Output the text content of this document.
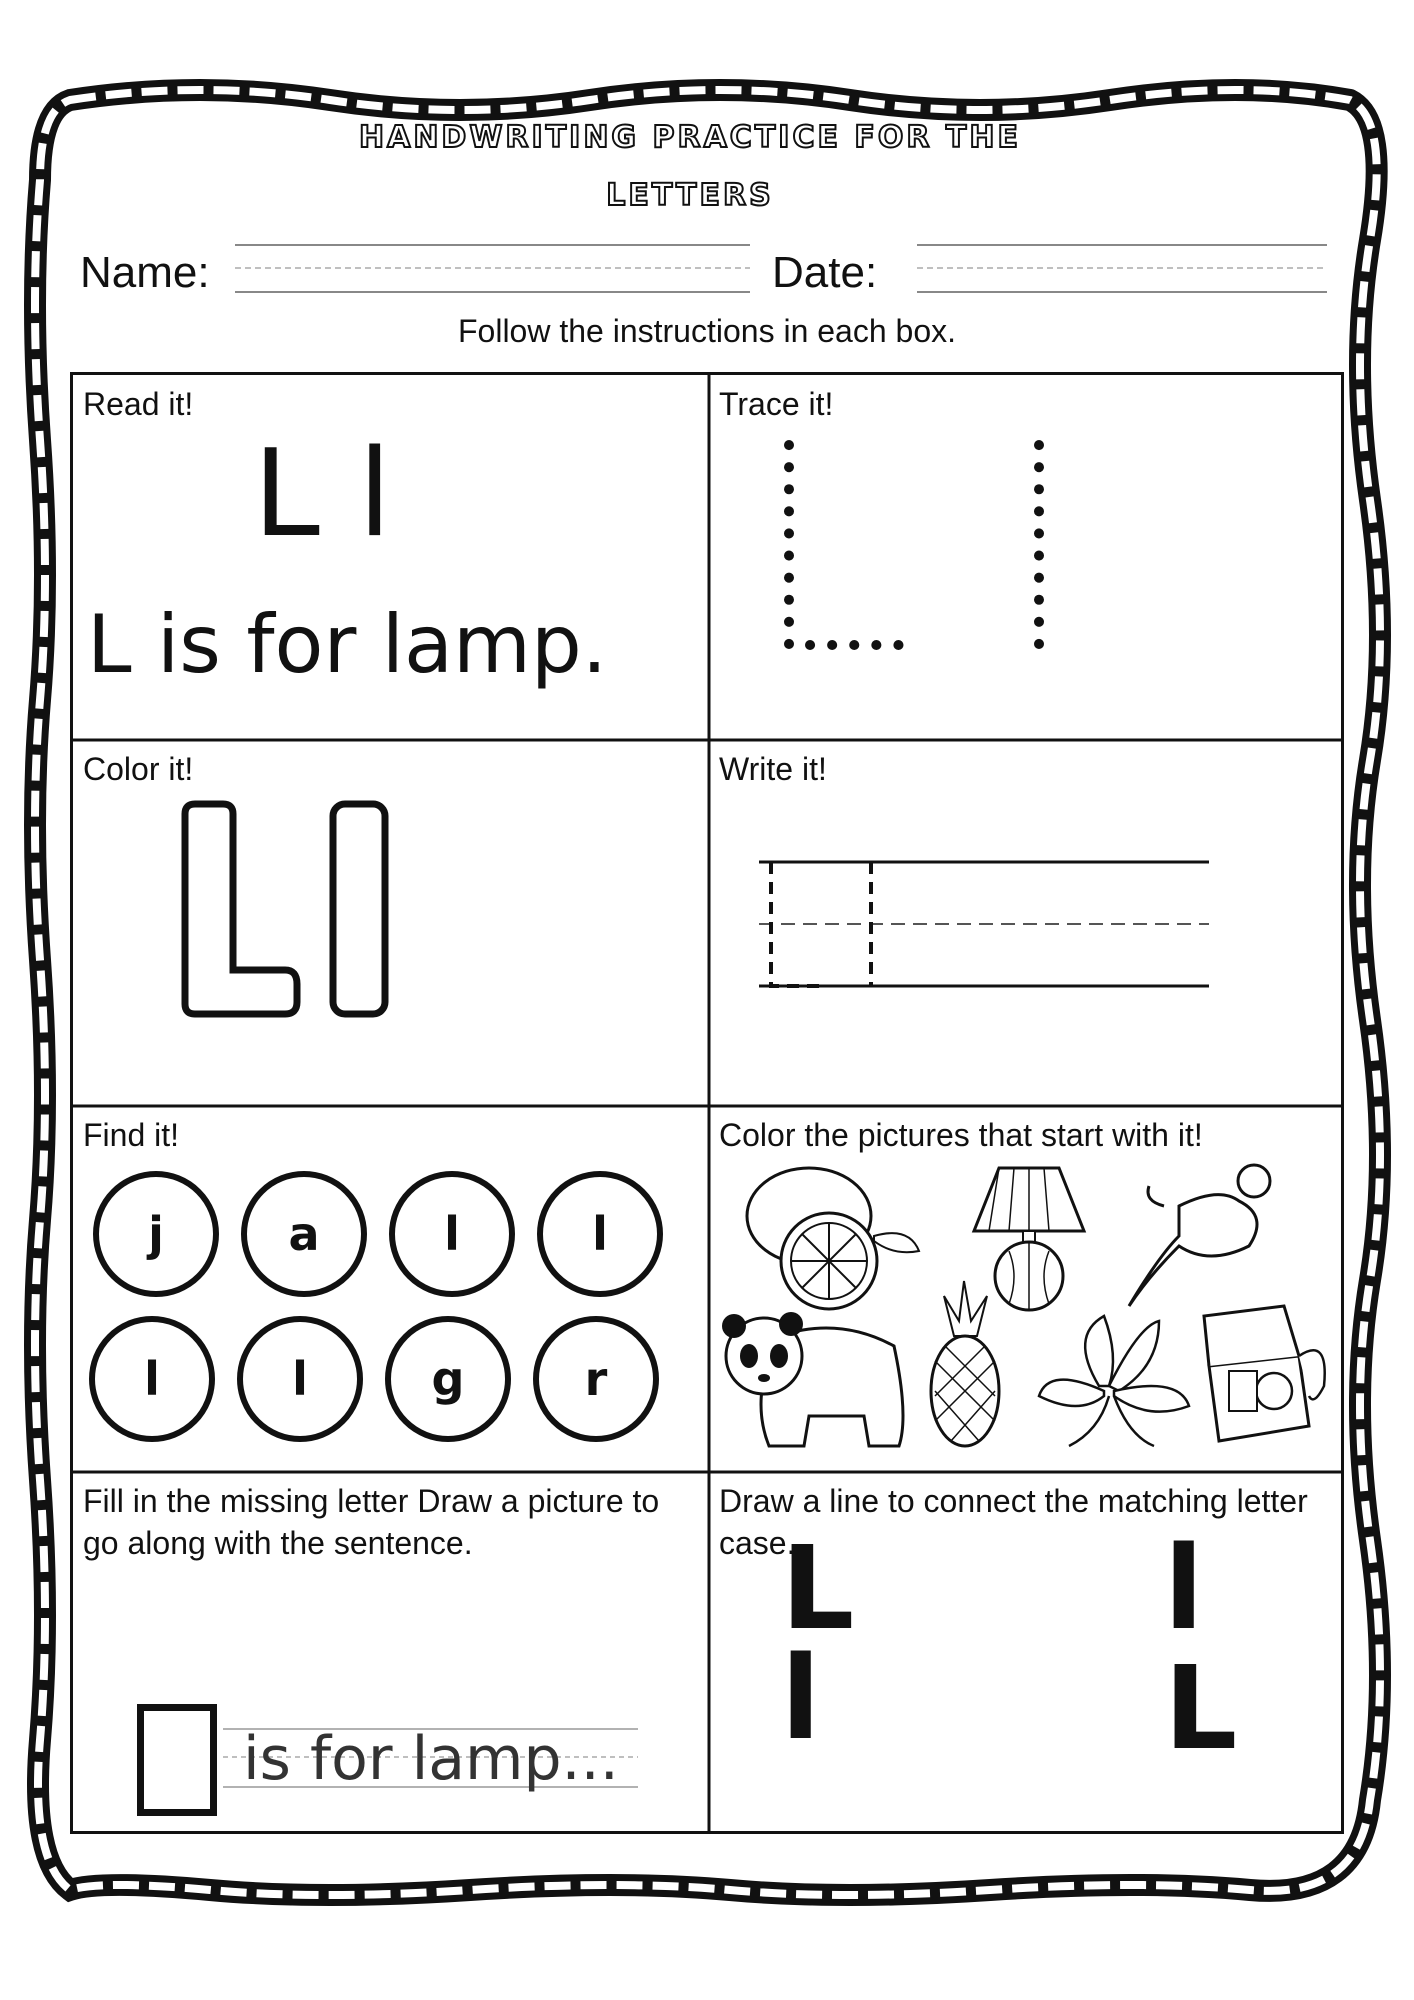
HANDWRITING PRACTICE FOR THE
LETTERS
Name:	Date:
Follow the instructions in each box.
Read it!
L l
L is for lamp.
Trace it!
Color it!	Write it!
Find it!
j	a	l	l
l	l	g	r
Color the pictures that start with it!
Fill in the missing letter Draw a picture to go along with the sentence.
is for lamp...
Draw a line to connect the matching letter case.
L
l
l
L
